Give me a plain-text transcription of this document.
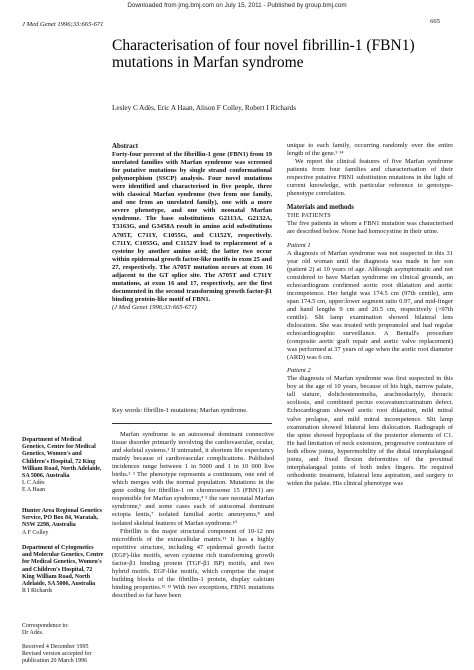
Downloaded from jmg.bmj.com on July 15, 2011 - Published by group.bmj.com
J Med Genet 1996;33:665-671	665
Characterisation of four novel fibrillin-1 (FBN1)
mutations in Marfan syndrome
Lesley C Adès, Eric A Haan, Alison F Colley, Robert I Richards
Abstract

Forty-four percent of the fibrillin-1 gene (FBN1) from 19 unrelated families with Marfan syndrome was screened for putative mutations by single strand conformational polymorphism (SSCP) analysis. Four novel mutations were identified and characterised in five people, three with classical Marfan syndrome (two from one family, and one from an unrelated family), one with a more severe phenotype, and one with neonatal Marfan syndrome. The base substitutions G2113A, G2132A, T3163G, and G3458A result in amino acid substitutions A705T, C711Y, C1055G, and C1152Y, respectively. C711Y, C1055G, and C1152Y lead to replacement of a cysteine by another amino acid; the latter two occur within epidermal growth factor-like motifs in exon 25 and 27, respectively. The A705T mutation occurs at exon 16 adjacent to the GT splice site. The A705T and C711Y mutations, at exon 16 and 17, respectively, are the first documented in the second transforming growth factor-β1 binding protein-like motif of FBN1.

(J Med Genet 1996;33:665-671)

Key words: fibrillin-1 mutations; Marfan syndrome.

Marfan syndrome is an autosomal dominant connective tissue disorder primarily involving the cardiovascular, ocular, and skeletal systems.¹ If untreated, it shortens life expectancy mainly because of cardiovascular complications. Published incidences range between 1 in 5000 and 1 in 10 000 live births.² ³ The phenotype represents a continuum, one end of which merges with the normal population. Mutations in the gene coding for fibrillin-1 on chromosome 15 (FBN1) are responsible for Marfan syndrome,⁴ ⁵ the rare neonatal Marfan syndrome,⁶ and some cases each of autosomal dominant ectopia lentis,⁷ isolated familial aortic aneurysms,⁸ and isolated skeletal features of Marfan syndrome.¹⁰

Fibrillin is the major structural component of 10-12 nm microfibrils of the extracellular matrix.¹¹ It has a highly repetitive structure, including 47 epidermal growth factor (EGF)-like motifs, seven cysteine rich transforming growth factor-β1 binding protein (TGF-β1 BP) motifs, and two hybrid motifs. EGF-like motifs, which comprise the major building blocks of the fibrillin-1 protein, display calcium binding properties.¹² ¹³ With two exceptions, FBN1 mutations described so far have been

unique to each family, occurring randomly over the entire length of the gene.⁵ ¹⁴

We report the clinical features of five Marfan syndrome patients from four families and characterisation of their respective putative FBN1 substitution mutations in the light of current knowledge, with particular reference to genotype-phenotype correlation.

Materials and methods
THE PATIENTS

The five patients in whom a FBN1 mutation was characterised are described below. None had homocystine in their urine.

Patient 1

A diagnosis of Marfan syndrome was not suspected in this 31 year old woman until the diagnosis was made in her son (patient 2) at 10 years of age. Although asymptomatic and not considered to have Marfan syndrome on clinical grounds, an echocardiogram confirmed aortic root dilatation and aortic incompetence. Her height was 174.5 cm (97th centile), arm span 174.5 cm, upper:lower segment ratio 0.97, and mid-finger and hand lengths 9 cm and 20.5 cm, respectively (>97th centile). Slit lamp examination showed bilateral lens dislocation. She was treated with propranolol and had regular echocardiographic surveillance. A Bentall's procedure (composite aortic graft repair and aortic valve replacement) was performed at 37 years of age when the aortic root diameter (ARD) was 6 cm.

Patient 2

The diagnosis of Marfan syndrome was first suspected in this boy at the age of 10 years, because of his high, narrow palate, tall stature, dolichostenomelia, arachnodactyly, thoracic scoliosis, and combined pectus excavatum/carinatum defect. Echocardiogram showed aortic root dilatation, mild mitral valve prolapse, and mild mitral incompetence. Slit lamp examination showed bilateral lens dislocation. Radiograph of the spine showed hypoplasia of the posterior elements of C1. He had limitation of neck extension, progressive contracture of both elbow joints, hyperrmobility of the distal interphalangeal joints, and fixed flexion deformities of the proximal interphalangeal joints of both index fingers. He required orthodontic treatment, bilateral lens aspiration, and surgery to widen the palate. His clinical phenotype was

Department of Medical Genetics, Centre for Medical Genetics, Women's and Children's Hospital, 72 King William Road, North Adelaide, SA 5006, Australia
L C Adès
E A Haan
Hunter Area Regional Genetics Service, PO Box 84, Waratah, NSW 2298, Australia
A F Colley
Department of Cytogenetics and Molecular Genetics, Centre for Medical Genetics, Women's and Children's Hospital, 72 King William Road, North Adelaide, SA 5006, Australia
R I Richards
Correspondence to:
Dr Adès.
Received 4 December 1995
Revised version accepted for publication 20 March 1996
